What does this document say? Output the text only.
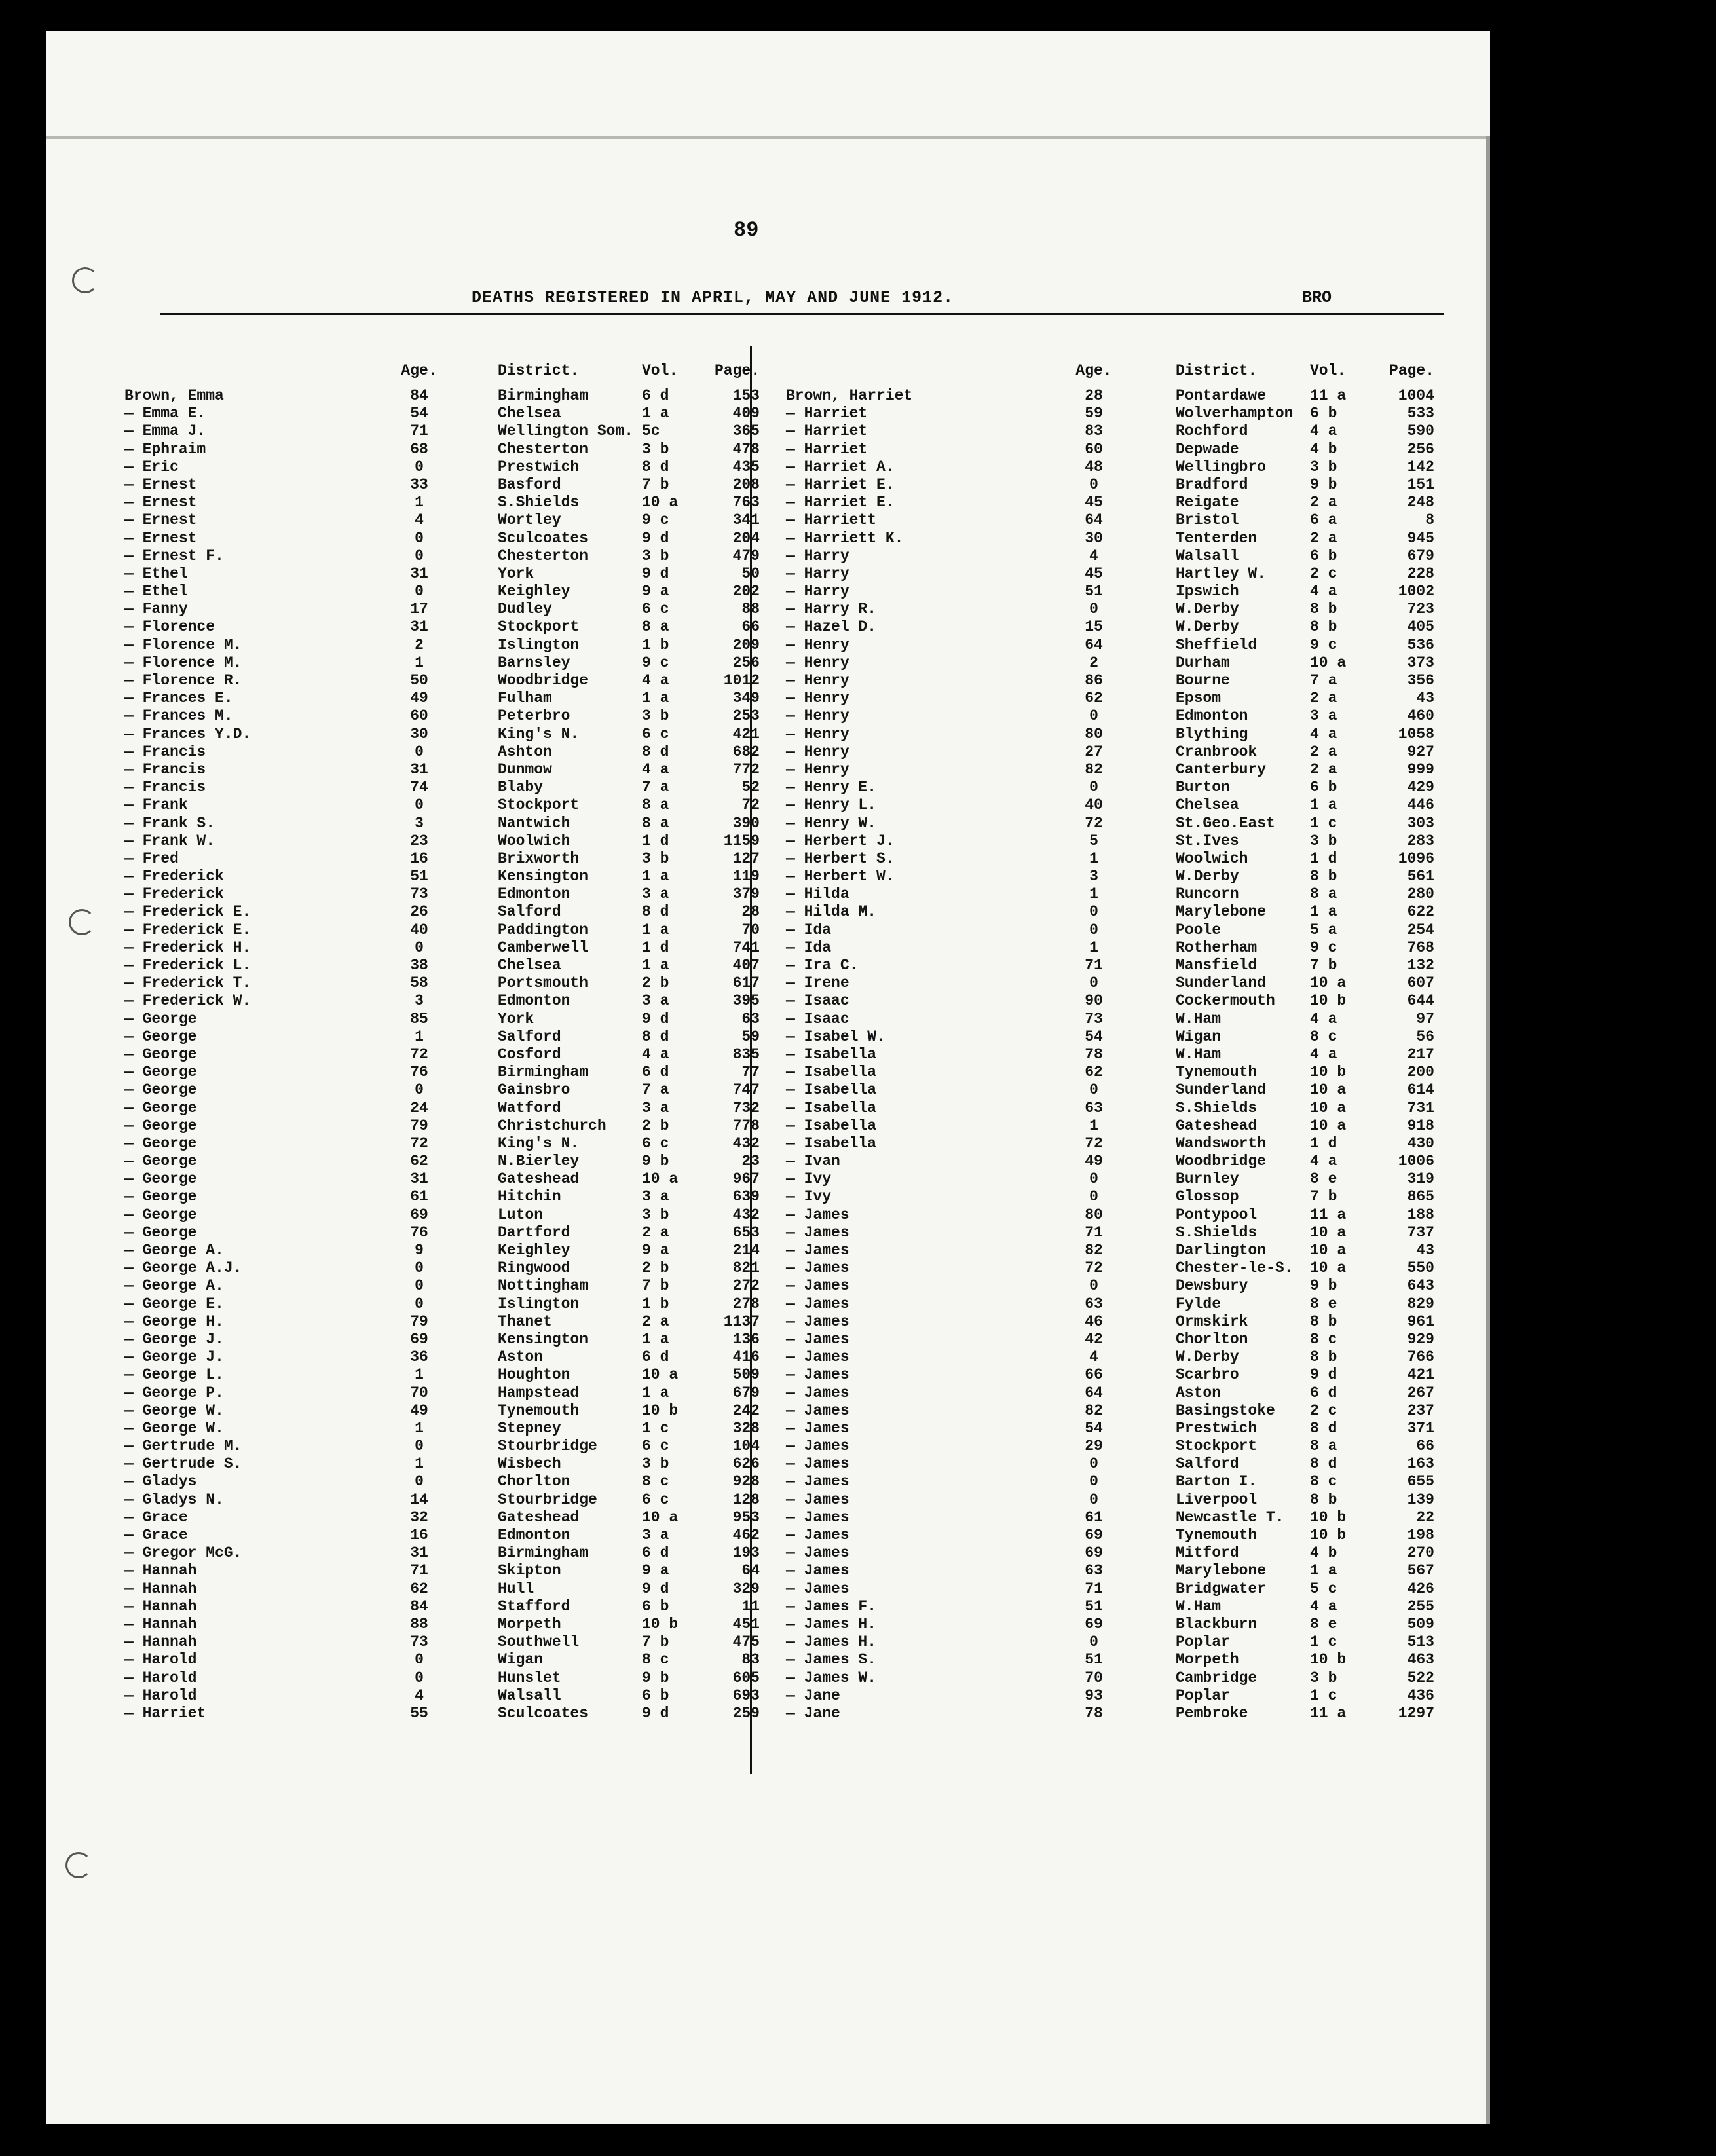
89
DEATHS REGISTERED IN APRIL, MAY AND JUNE 1912.	BRO
Age.	District.	Vol.	Page.
Brown, Emma	84	Birmingham	6 d	153
— Emma E.	54	Chelsea	1 a	409
— Emma J.	71	Wellington Som. 5c	365
— Ephraim	68	Chesterton	3 b	478
— Eric	0	Prestwich	8 d	435
— Ernest	33	Basford	7 b	208
— Ernest	1	S.Shields	10 a	763
— Ernest	4	Wortley	9 c	341
— Ernest	0	Sculcoates	9 d	204
— Ernest F.	0	Chesterton	3 b	479
— Ethel	31	York	9 d	50
— Ethel	0	Keighley	9 a	202
— Fanny	17	Dudley	6 c	88
— Florence	31	Stockport	8 a	66
— Florence M.	2	Islington	1 b	209
— Florence M.	1	Barnsley	9 c	256
— Florence R.	50	Woodbridge	4 a	1012
— Frances E.	49	Fulham	1 a	349
— Frances M.	60	Peterbro	3 b	253
— Frances Y.D.	30	King's N.	6 c	421
— Francis	0	Ashton	8 d	682
— Francis	31	Dunmow	4 a	772
— Francis	74	Blaby	7 a	52
— Frank	0	Stockport	8 a	72
— Frank S.	3	Nantwich	8 a	390
— Frank W.	23	Woolwich	1 d	1159
— Fred	16	Brixworth	3 b	127
— Frederick	51	Kensington	1 a	119
— Frederick	73	Edmonton	3 a	379
— Frederick E.	26	Salford	8 d	28
— Frederick E.	40	Paddington	1 a	70
— Frederick H.	0	Camberwell	1 d	741
— Frederick L.	38	Chelsea	1 a	407
— Frederick T.	58	Portsmouth	2 b	617
— Frederick W.	3	Edmonton	3 a	395
— George	85	York	9 d	63
— George	1	Salford	8 d	59
— George	72	Cosford	4 a	835
— George	76	Birmingham	6 d	77
— George	0	Gainsbro	7 a	747
— George	24	Watford	3 a	732
— George	79	Christchurch 2 b	778
— George	72	King's N.	6 c	432
— George	62	N.Bierley	9 b	23
— George	31	Gateshead	10 a	967
— George	61	Hitchin	3 a	639
— George	69	Luton	3 b	432
— George	76	Dartford	2 a	653
— George A.	9	Keighley	9 a	214
— George A.J.	0	Ringwood	2 b	821
— George A.	0	Nottingham	7 b	272
— George E.	0	Islington	1 b	278
— George H.	79	Thanet	2 a	1137
— George J.	69	Kensington	1 a	136
— George J.	36	Aston	6 d	416
— George L.	1	Houghton	10 a	509
— George P.	70	Hampstead	1 a	679
— George W.	49	Tynemouth	10 b	242
— George W.	1	Stepney	1 c	328
— Gertrude M.	0	Stourbridge	6 c	104
— Gertrude S.	1	Wisbech	3 b	626
— Gladys	0	Chorlton	8 c	928
— Gladys N.	14	Stourbridge	6 c	128
— Grace	32	Gateshead	10 a	953
— Grace	16	Edmonton	3 a	462
— Gregor McG.	31	Birmingham	6 d	193
— Hannah	71	Skipton	9 a	64
— Hannah	62	Hull	9 d	329
— Hannah	84	Stafford	6 b	11
— Hannah	88	Morpeth	10 b	451
— Hannah	73	Southwell	7 b	475
— Harold	0	Wigan	8 c	83
— Harold	0	Hunslet	9 b	605
— Harold	4	Walsall	6 b	693
— Harriet	55	Sculcoates	9 d	259
Age.	District.	Vol.	Page.
Brown, Harriet	28	Pontardawe	11 a	1004
— Harriet	59	Wolverhampton 6 b	533
— Harriet	83	Rochford	4 a	590
— Harriet	60	Depwade	4 b	256
— Harriet A.	48	Wellingbro	3 b	142
— Harriet E.	0	Bradford	9 b	151
— Harriet E.	45	Reigate	2 a	248
— Harriett	64	Bristol	6 a	8
— Harriett K.	30	Tenterden	2 a	945
— Harry	4	Walsall	6 b	679
— Harry	45	Hartley W.	2 c	228
— Harry	51	Ipswich	4 a	1002
— Harry R.	0	W.Derby	8 b	723
— Hazel D.	15	W.Derby	8 b	405
— Henry	64	Sheffield	9 c	536
— Henry	2	Durham	10 a	373
— Henry	86	Bourne	7 a	356
— Henry	62	Epsom	2 a	43
— Henry	0	Edmonton	3 a	460
— Henry	80	Blything	4 a	1058
— Henry	27	Cranbrook	2 a	927
— Henry	82	Canterbury	2 a	999
— Henry E.	0	Burton	6 b	429
— Henry L.	40	Chelsea	1 a	446
— Henry W.	72	St.Geo.East 1 c	303
— Herbert J.	5	St.Ives	3 b	283
— Herbert S.	1	Woolwich	1 d	1096
— Herbert W.	3	W.Derby	8 b	561
— Hilda	1	Runcorn	8 a	280
— Hilda M.	0	Marylebone	1 a	622
— Ida	0	Poole	5 a	254
— Ida	1	Rotherham	9 c	768
— Ira C.	71	Mansfield	7 b	132
— Irene	0	Sunderland	10 a	607
— Isaac	90	Cockermouth 10 b	644
— Isaac	73	W.Ham	4 a	97
— Isabel W.	54	Wigan	8 c	56
— Isabella	78	W.Ham	4 a	217
— Isabella	62	Tynemouth	10 b	200
— Isabella	0	Sunderland	10 a	614
— Isabella	63	S.Shields	10 a	731
— Isabella	1	Gateshead	10 a	918
— Isabella	72	Wandsworth	1 d	430
— Ivan	49	Woodbridge	4 a	1006
— Ivy	0	Burnley	8 e	319
— Ivy	0	Glossop	7 b	865
— James	80	Pontypool	11 a	188
— James	71	S.Shields	10 a	737
— James	82	Darlington	10 a	43
— James	72	Chester-le-S. 10 a	550
— James	0	Dewsbury	9 b	643
— James	63	Fylde	8 e	829
— James	46	Ormskirk	8 b	961
— James	42	Chorlton	8 c	929
— James	4	W.Derby	8 b	766
— James	66	Scarbro	9 d	421
— James	64	Aston	6 d	267
— James	82	Basingstoke 2 c	237
— James	54	Prestwich	8 d	371
— James	29	Stockport	8 a	66
— James	0	Salford	8 d	163
— James	0	Barton I.	8 c	655
— James	0	Liverpool	8 b	139
— James	61	Newcastle T. 10 b	22
— James	69	Tynemouth	10 b	198
— James	69	Mitford	4 b	270
— James	63	Marylebone	1 a	567
— James	71	Bridgwater	5 c	426
— James F.	51	W.Ham	4 a	255
— James H.	69	Blackburn	8 e	509
— James H.	0	Poplar	1 c	513
— James S.	51	Morpeth	10 b	463
— James W.	70	Cambridge	3 b	522
— Jane	93	Poplar	1 c	436
— Jane	78	Pembroke	11 a	1297
